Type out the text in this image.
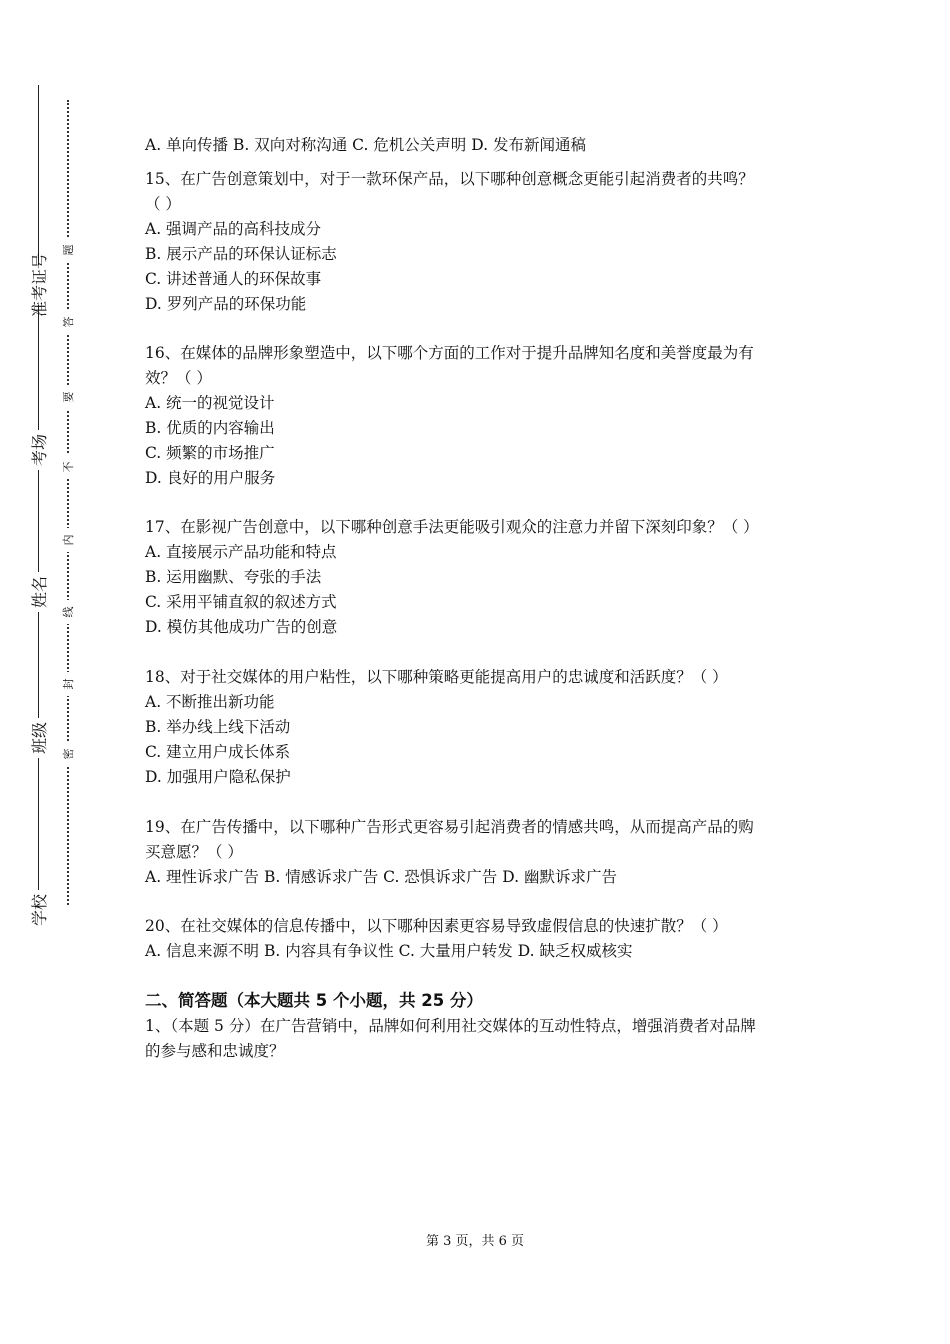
准考证号
考场
姓名
班级
学校
题
答
要
不
内
线
封
密

A. 单向传播 B. 双向对称沟通 C. 危机公关声明 D. 发布新闻通稿

15、在广告创意策划中，对于一款环保产品，以下哪种创意概念更能引起消费者的共鸣？

（ ）

A. 强调产品的高科技成分

B. 展示产品的环保认证标志

C. 讲述普通人的环保故事

D. 罗列产品的环保功能

16、在媒体的品牌形象塑造中，以下哪个方面的工作对于提升品牌知名度和美誉度最为有

效？（ ）

A. 统一的视觉设计

B. 优质的内容输出

C. 频繁的市场推广

D. 良好的用户服务

17、在影视广告创意中，以下哪种创意手法更能吸引观众的注意力并留下深刻印象？（ ）

A. 直接展示产品功能和特点

B. 运用幽默、夸张的手法

C. 采用平铺直叙的叙述方式

D. 模仿其他成功广告的创意

18、对于社交媒体的用户粘性，以下哪种策略更能提高用户的忠诚度和活跃度？（ ）

A. 不断推出新功能

B. 举办线上线下活动

C. 建立用户成长体系

D. 加强用户隐私保护

19、在广告传播中，以下哪种广告形式更容易引起消费者的情感共鸣，从而提高产品的购

买意愿？（ ）

A. 理性诉求广告 B. 情感诉求广告 C. 恐惧诉求广告 D. 幽默诉求广告

20、在社交媒体的信息传播中，以下哪种因素更容易导致虚假信息的快速扩散？（ ）

A. 信息来源不明 B. 内容具有争议性 C. 大量用户转发 D. 缺乏权威核实

二、简答题（本大题共 5 个小题，共 25 分）

1、（本题 5 分）在广告营销中，品牌如何利用社交媒体的互动性特点，增强消费者对品牌

的参与感和忠诚度？

第 3 页，共 6 页
